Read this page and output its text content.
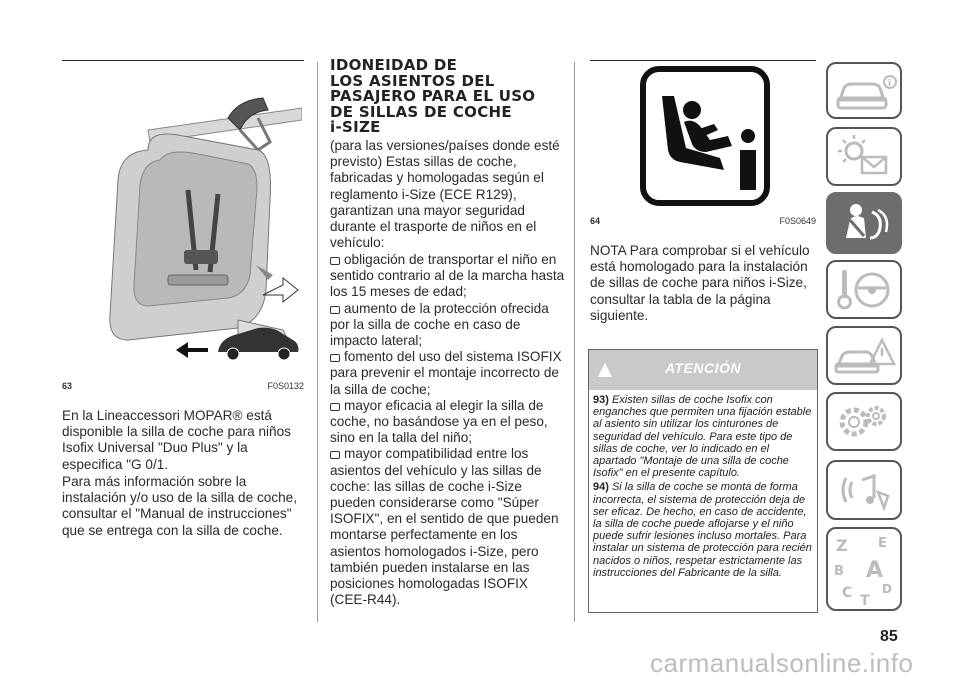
63	F0S0132
En la Lineaccessori MOPAR® está disponible la silla de coche para niños Isofix Universal "Duo Plus" y la especifica "G 0/1.
Para más información sobre la instalación y/o uso de la silla de coche, consultar el "Manual de instrucciones" que se entrega con la silla de coche.
IDONEIDAD DE
LOS ASIENTOS DEL
PASAJERO PARA EL USO
DE SILLAS DE COCHE
i-SIZE
(para las versiones/países donde esté previsto) Estas sillas de coche, fabricadas y homologadas según el reglamento i-Size (ECE R129), garantizan una mayor seguridad durante el trasporte de niños en el vehículo:
obligación de transportar el niño en sentido contrario al de la marcha hasta los 15 meses de edad;
aumento de la protección ofrecida por la silla de coche en caso de impacto lateral;
fomento del uso del sistema ISOFIX para prevenir el montaje incorrecto de la silla de coche;
mayor eficacia al elegir la silla de coche, no basándose ya en el peso, sino en la talla del niño;
mayor compatibilidad entre los asientos del vehículo y las sillas de coche: las sillas de coche i-Size pueden considerarse como "Súper ISOFIX", en el sentido de que pueden montarse perfectamente en los asientos homologados i-Size, pero también pueden instalarse en las posiciones homologadas ISOFIX (CEE-R44).
64	F0S0649
NOTA Para comprobar si el vehículo está homologado para la instalación de sillas de coche para niños i-Size, consultar la tabla de la página siguiente.
ATENCIÓN
93) Existen sillas de coche Isofix con enganches que permiten una fijación estable al asiento sin utilizar los cinturones de seguridad del vehículo. Para este tipo de sillas de coche, ver lo indicado en el apartado "Montaje de una silla de coche Isofix" en el presente capítulo.
94) Si la silla de coche se monta de forma incorrecta, el sistema de protección deja de ser eficaz. De hecho, en caso de accidente, la silla de coche puede aflojarse y el niño puede sufrir lesiones incluso mortales. Para instalar un sistema de protección para recién nacidos o niños, respetar estrictamente las instrucciones del Fabricante de la silla.
i
Z E
B A
C T
D
85
carmanualsonline.info
